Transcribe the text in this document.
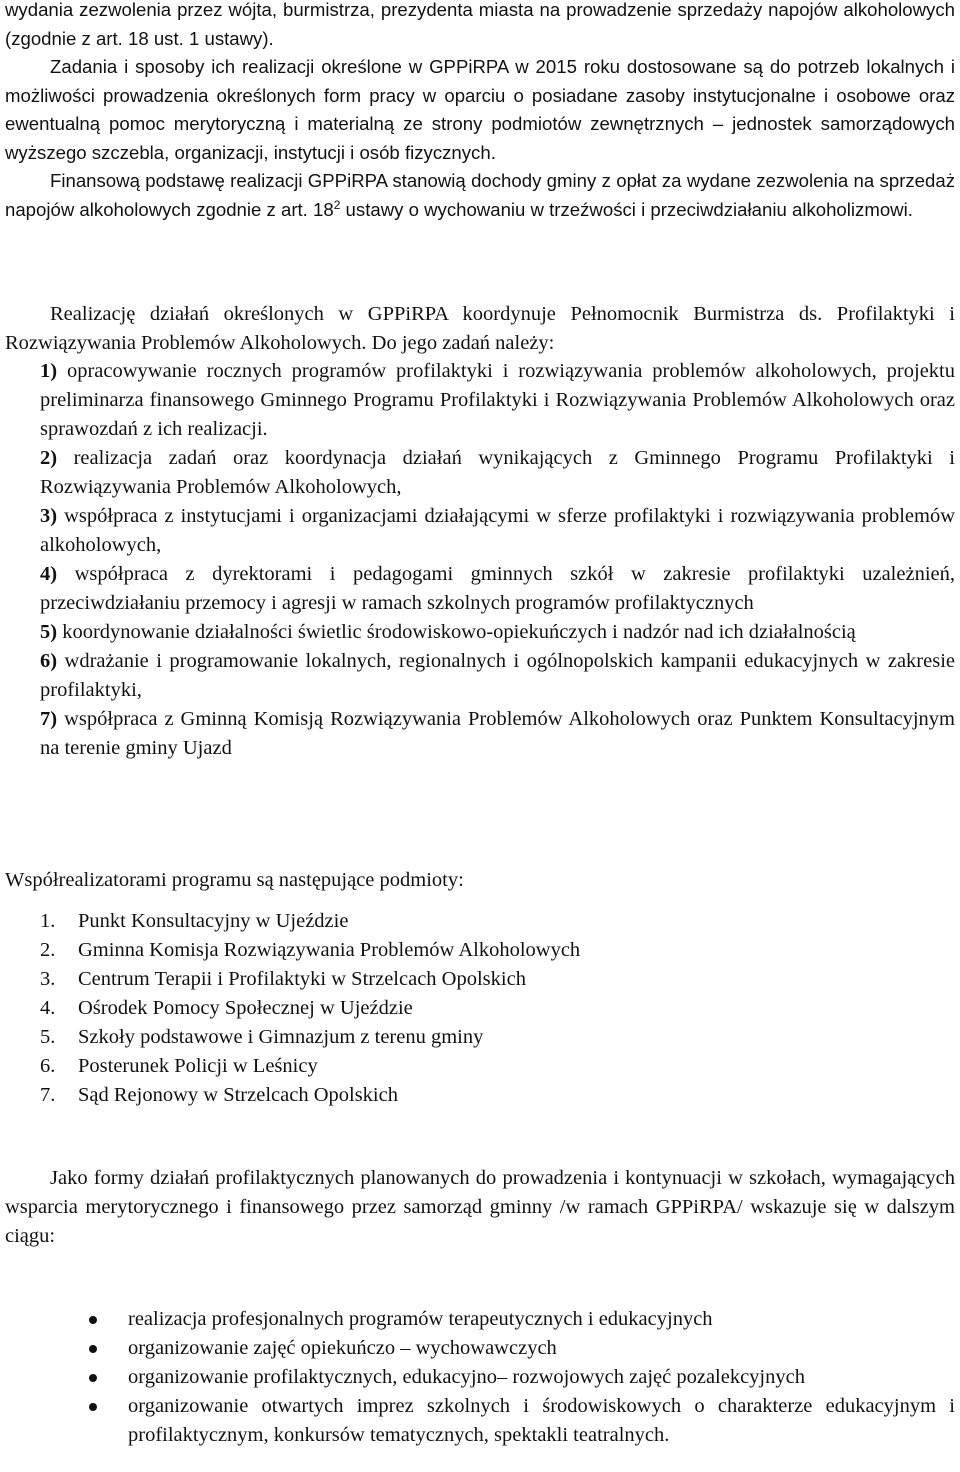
wydania zezwolenia przez wójta, burmistrza, prezydenta miasta na prowadzenie sprzedaży napojów alkoholowych (zgodnie z art. 18 ust. 1 ustawy).

Zadania i sposoby ich realizacji określone w GPPiRPA w 2015 roku dostosowane są do potrzeb lokalnych i możliwości prowadzenia określonych form pracy w oparciu o posiadane zasoby instytucjonalne i osobowe oraz ewentualną pomoc merytoryczną i materialną ze strony podmiotów zewnętrznych – jednostek samorządowych wyższego szczebla, organizacji, instytucji i osób fizycznych.

Finansową podstawę realizacji GPPiRPA stanowią dochody gminy z opłat za wydane zezwolenia na sprzedaż napojów alkoholowych zgodnie z art. $18^2$ ustawy o wychowaniu w trzeźwości i przeciwdziałaniu alkoholizmowi.

Realizację działań określonych w GPPiRPA koordynuje Pełnomocnik Burmistrza ds. Profilaktyki i Rozwiązywania Problemów Alkoholowych. Do jego zadań należy:

1) opracowywanie rocznych programów profilaktyki i rozwiązywania problemów alkoholowych, projektu preliminarza finansowego Gminnego Programu Profilaktyki i Rozwiązywania Problemów Alkoholowych oraz sprawozdań z ich realizacji.

2) realizacja zadań oraz koordynacja działań wynikających z Gminnego Programu Profilaktyki i Rozwiązywania Problemów Alkoholowych,

3) współpraca z instytucjami i organizacjami działającymi w sferze profilaktyki i rozwiązywania problemów alkoholowych,

4) współpraca z dyrektorami i pedagogami gminnych szkół w zakresie profilaktyki uzależnień, przeciwdziałaniu przemocy i agresji w ramach szkolnych programów profilaktycznych

5) koordynowanie działalności świetlic środowiskowo-opiekuńczych i nadzór nad ich działalnością

6) wdrażanie i programowanie lokalnych, regionalnych i ogólnopolskich kampanii edukacyjnych w zakresie profilaktyki,

7) współpraca z Gminną Komisją Rozwiązywania Problemów Alkoholowych oraz Punktem Konsultacyjnym na terenie gminy Ujazd

Współrealizatorami programu są następujące podmioty:
1.	Punkt Konsultacyjny w Ujeździe
2.	Gminna Komisja Rozwiązywania Problemów Alkoholowych
3.	Centrum Terapii i Profilaktyki w Strzelcach Opolskich
4.	Ośrodek Pomocy Społecznej w Ujeździe
5.	Szkoły podstawowe i Gimnazjum z terenu gminy
6.	Posterunek Policji w Leśnicy
7.	Sąd Rejonowy w Strzelcach Opolskich

Jako formy działań profilaktycznych planowanych do prowadzenia i kontynuacji w szkołach, wymagających wsparcia merytorycznego i finansowego przez samorząd gminny /w ramach GPPiRPA/ wskazuje się w dalszym ciągu:

realizacja profesjonalnych programów terapeutycznych i edukacyjnych
organizowanie zajęć opiekuńczo – wychowawczych
organizowanie profilaktycznych, edukacyjno– rozwojowych zajęć pozalekcyjnych
organizowanie otwartych imprez szkolnych i środowiskowych o charakterze edukacyjnym i profilaktycznym, konkursów tematycznych, spektakli teatralnych.
